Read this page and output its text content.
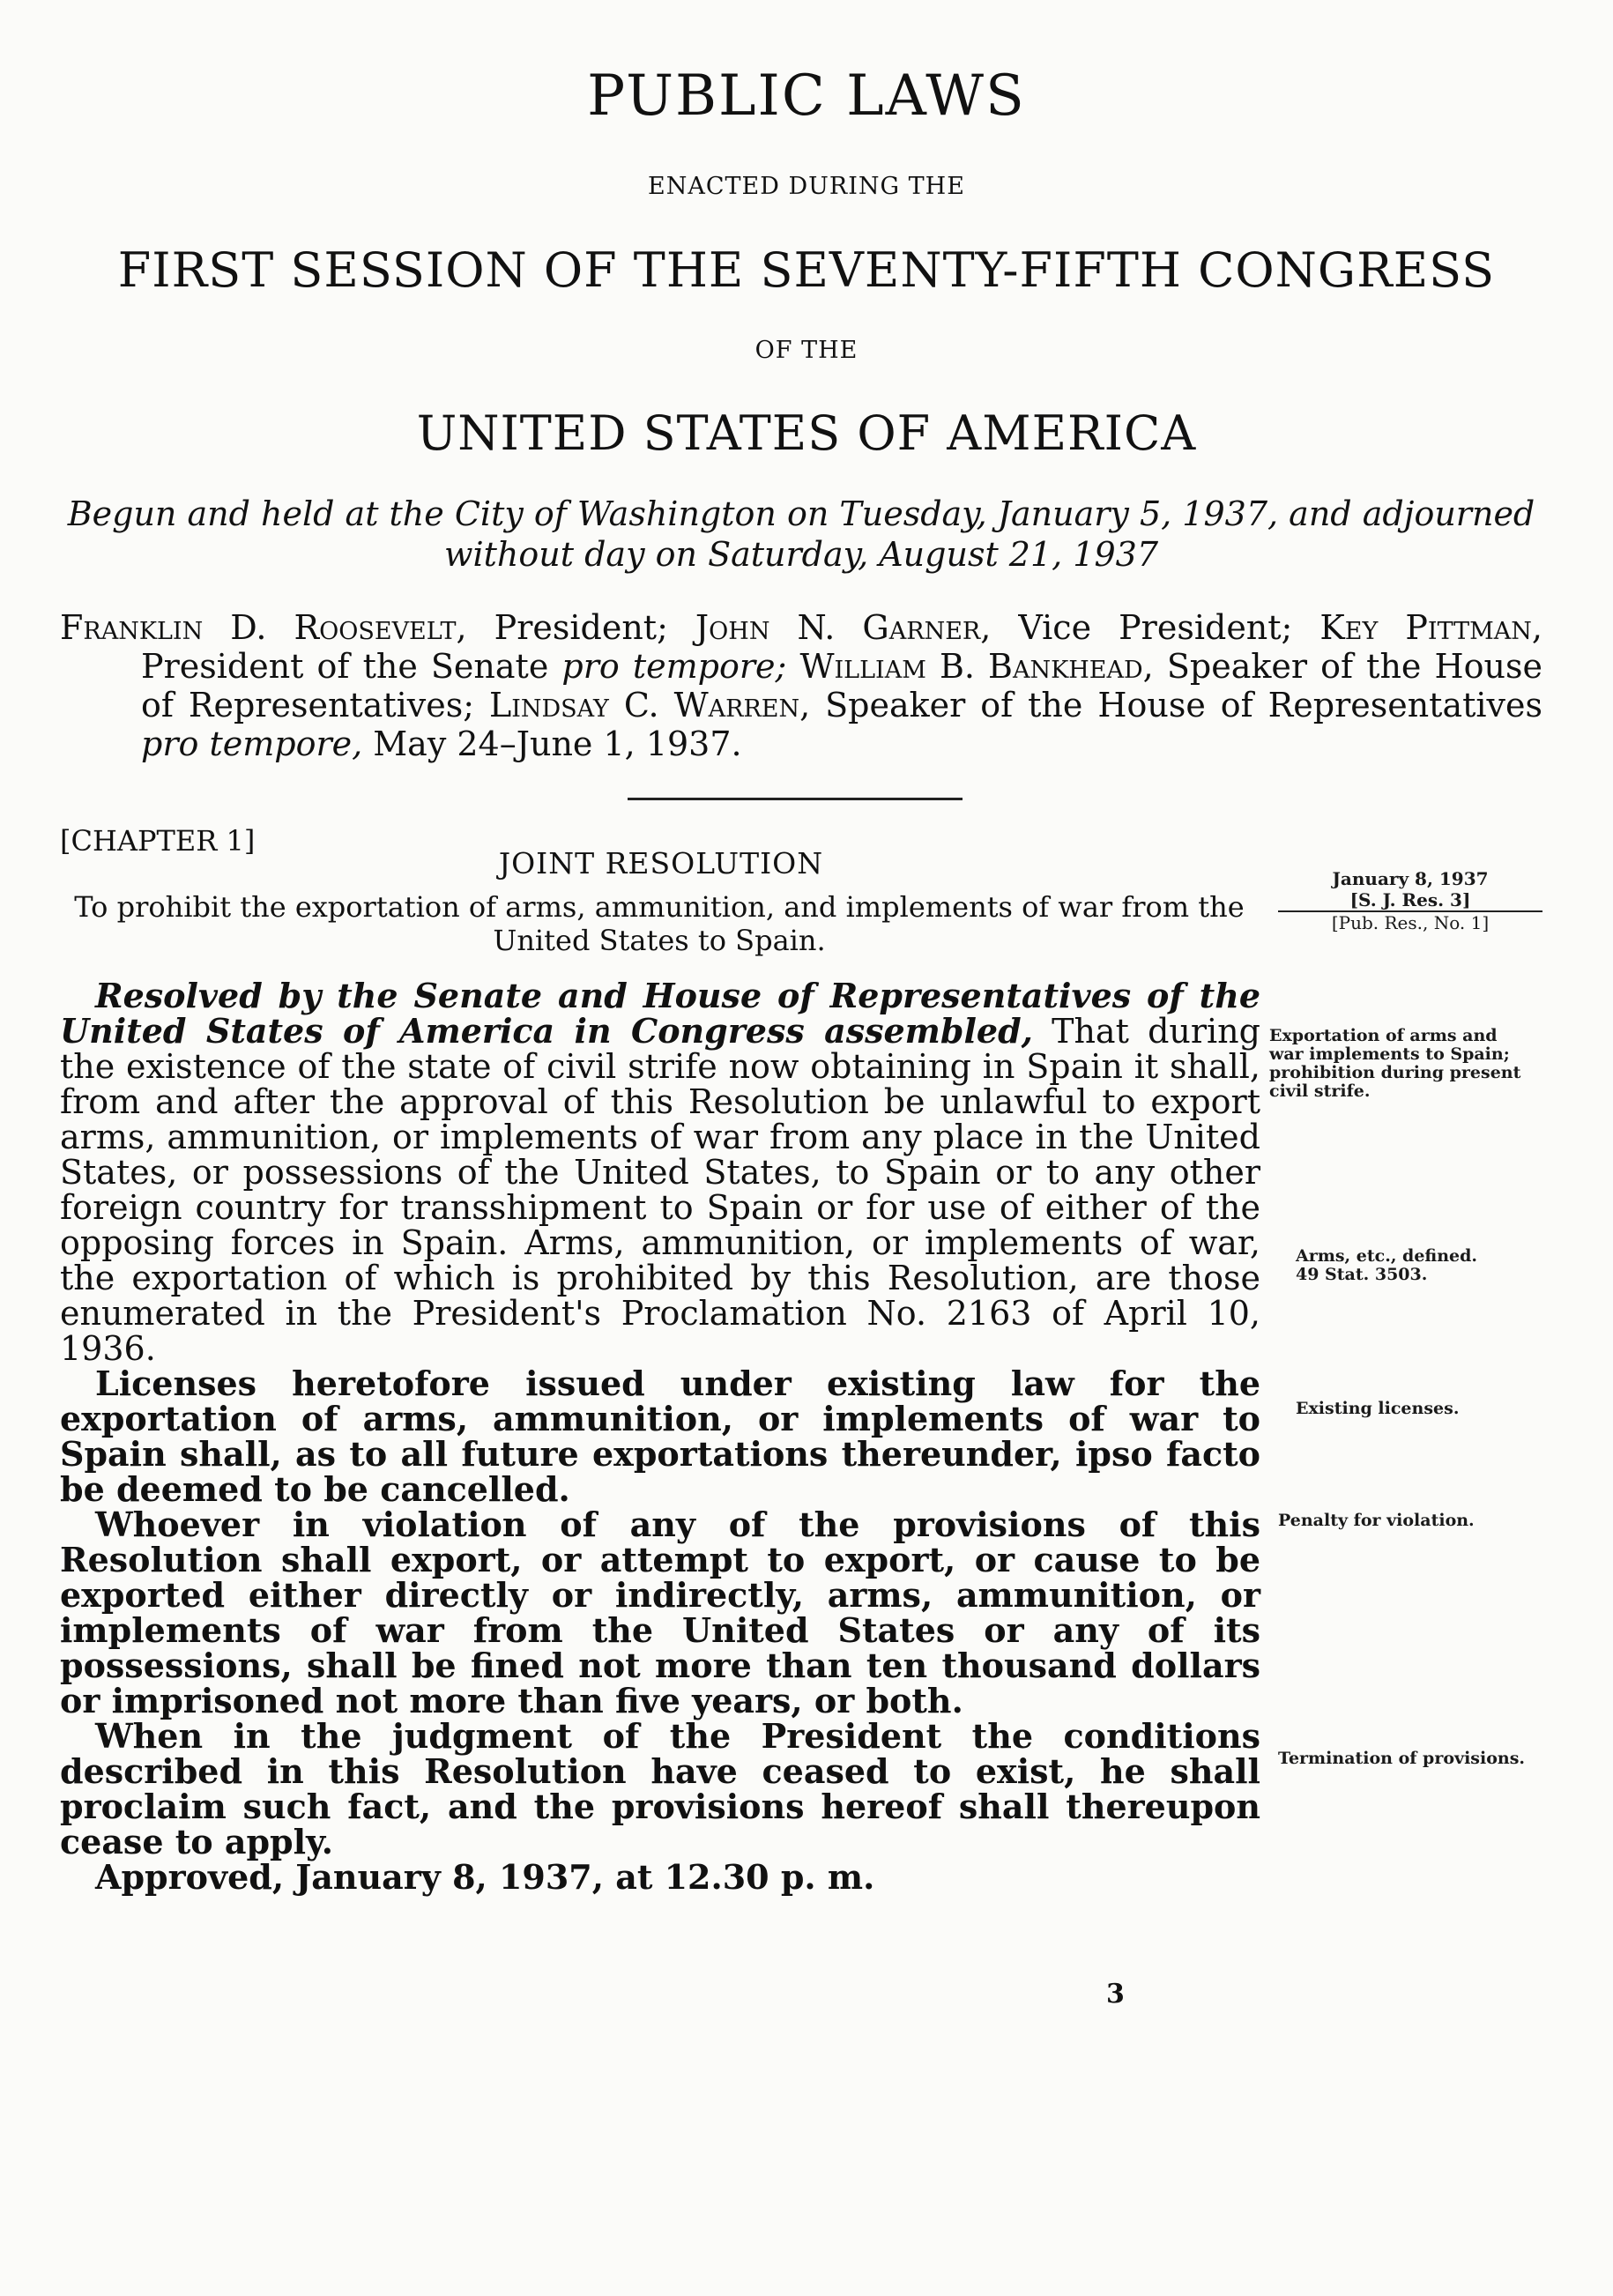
PUBLIC LAWS
ENACTED DURING THE
FIRST SESSION OF THE SEVENTY-FIFTH CONGRESS
OF THE
UNITED STATES OF AMERICA
Begun and held at the City of Washington on Tuesday, January 5, 1937, and adjourned without day on Saturday, August 21, 1937
Franklin D. Roosevelt, President; John N. Garner, Vice President; Key Pittman, President of the Senate pro tempore; William B. Bankhead, Speaker of the House of Representatives; Lindsay C. Warren, Speaker of the House of Representatives pro tempore, May 24–June 1, 1937.
[CHAPTER 1]
JOINT RESOLUTION
To prohibit the exportation of arms, ammunition, and implements of war from the United States to Spain.
January 8, 1937

[S. J. Res. 3]
[Pub. Res., No. 1]
Exportation of arms and war implements to Spain; prohibition during present civil strife.
Arms, etc., defined.
49 Stat. 3503.
Existing licenses.
Penalty for violation.
Termination of provisions.

Resolved by the Senate and House of Representatives of the United States of America in Congress assembled, That during the existence of the state of civil strife now obtaining in Spain it shall, from and after the approval of this Resolution be unlawful to export arms, ammunition, or implements of war from any place in the United States, or possessions of the United States, to Spain or to any other foreign country for transshipment to Spain or for use of either of the opposing forces in Spain. Arms, ammunition, or implements of war, the exportation of which is prohibited by this Resolution, are those enumerated in the President's Proclamation No. 2163 of April 10, 1936.

Licenses heretofore issued under existing law for the exportation of arms, ammunition, or implements of war to Spain shall, as to all future exportations thereunder, ipso facto be deemed to be cancelled.

Whoever in violation of any of the provisions of this Resolution shall export, or attempt to export, or cause to be exported either directly or indirectly, arms, ammunition, or implements of war from the United States or any of its possessions, shall be fined not more than ten thousand dollars or imprisoned not more than five years, or both.

When in the judgment of the President the conditions described in this Resolution have ceased to exist, he shall proclaim such fact, and the provisions hereof shall thereupon cease to apply.

Approved, January 8, 1937, at 12.30 p. m.

3
